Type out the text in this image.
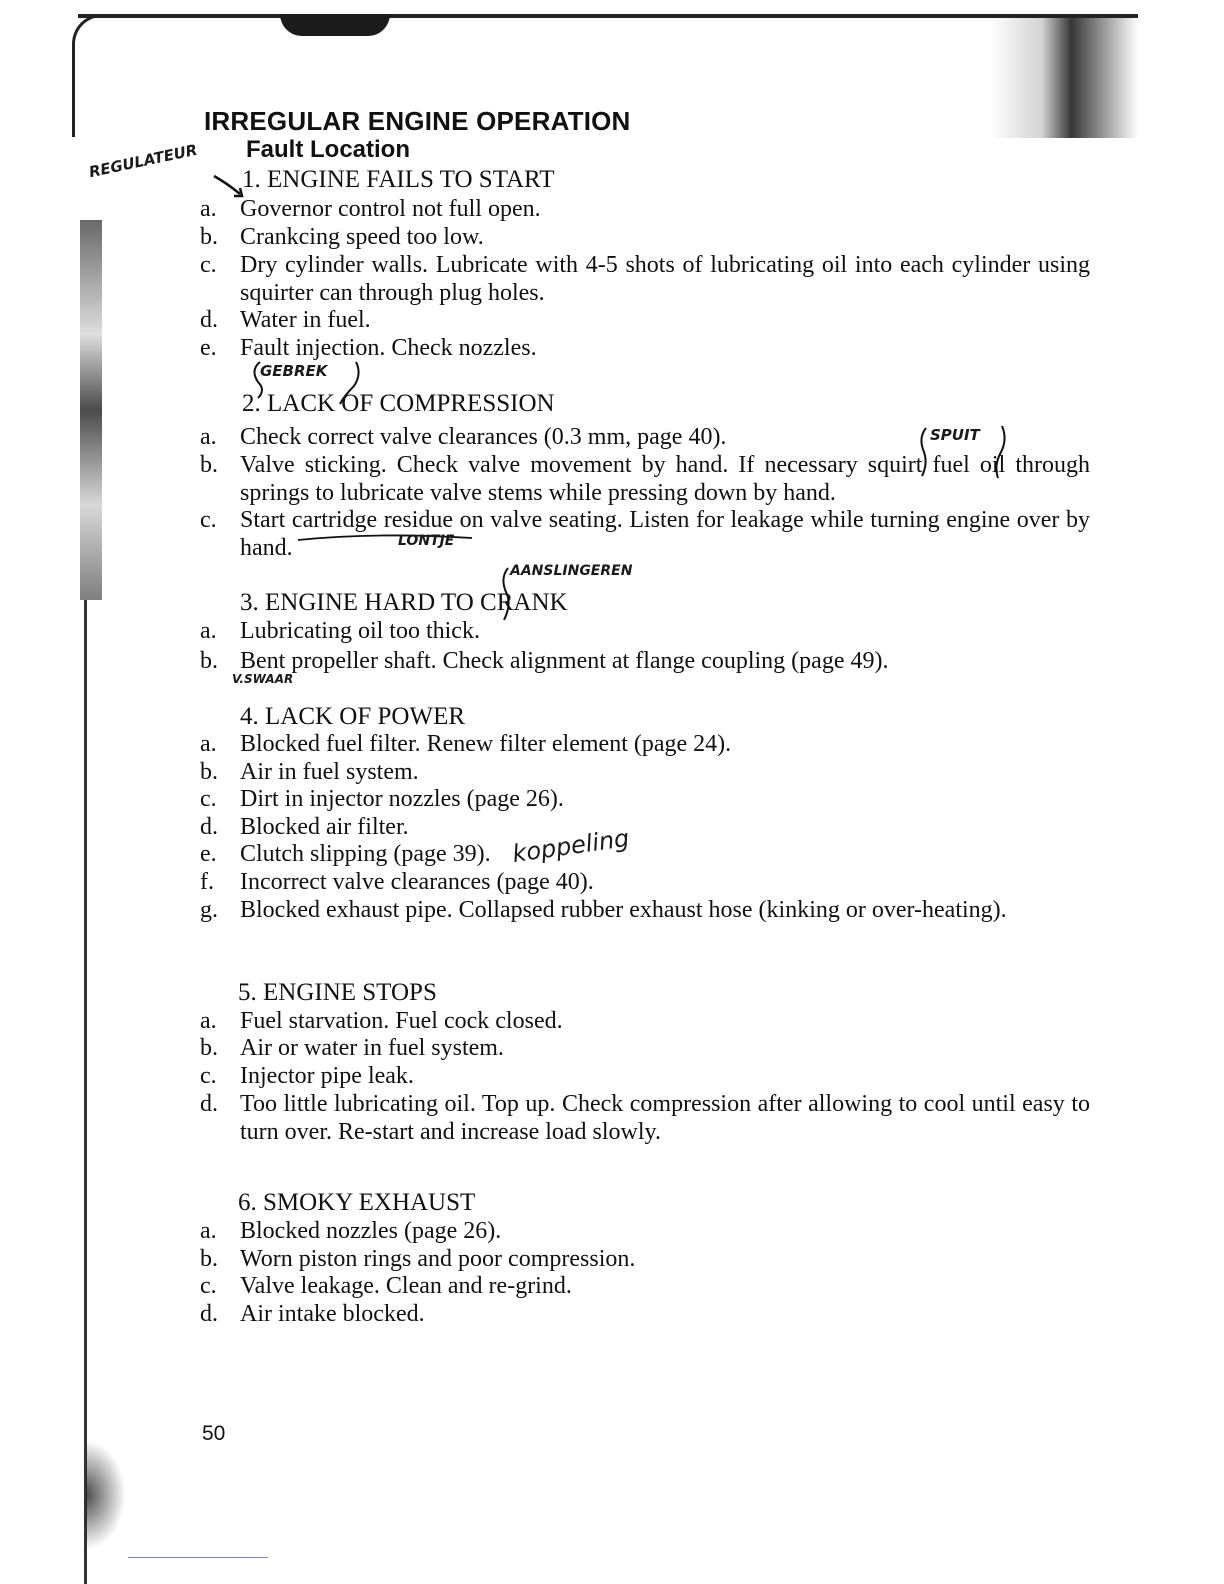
IRREGULAR ENGINE OPERATION
Fault Location
1. ENGINE FAILS TO START
a. Governor control not full open.
b. Crankcing speed too low.
c. Dry cylinder walls. Lubricate with 4-5 shots of lubricating oil into each cylinder using squirter can through plug holes.
d. Water in fuel.
e. Fault injection. Check nozzles.
2. LACK OF COMPRESSION
a. Check correct valve clearances (0.3 mm, page 40).
b. Valve sticking. Check valve movement by hand. If necessary squirt fuel oil through springs to lubricate valve stems while pressing down by hand.
c. Start cartridge residue on valve seating. Listen for leakage while turning engine over by hand.
3. ENGINE HARD TO CRANK
a. Lubricating oil too thick.
b. Bent propeller shaft. Check alignment at flange coupling (page 49).
4. LACK OF POWER
a. Blocked fuel filter. Renew filter element (page 24).
b. Air in fuel system.
c. Dirt in injector nozzles (page 26).
d. Blocked air filter.
e. Clutch slipping (page 39).
f.	Incorrect valve clearances (page 40).
g. Blocked exhaust pipe. Collapsed rubber exhaust hose (kinking or over-heating).
5. ENGINE STOPS
a. Fuel starvation. Fuel cock closed.
b. Air or water in fuel system.
c. Injector pipe leak.
d. Too little lubricating oil. Top up. Check compression after allowing to cool until easy to turn over. Re-start and increase load slowly.
6. SMOKY EXHAUST
a. Blocked nozzles (page 26).
b. Worn piston rings and poor compression.
c. Valve leakage. Clean and re-grind.
d. Air intake blocked.
REGULATEUR
GEBREK
SPUIT
LONTJE
AANSLINGEREN
V.SWAAR
koppeling
50
